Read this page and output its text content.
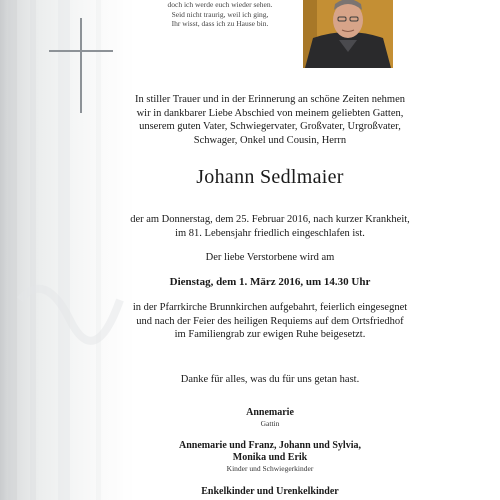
doch ich werde euch wieder sehen.
Seid nicht traurig, weil ich ging,
Ihr wisst, dass ich zu Hause bin.
In stiller Trauer und in der Erinnerung an schöne Zeiten nehmen
wir in dankbarer Liebe Abschied von meinem geliebten Gatten,
unserem guten Vater, Schwiegervater, Großvater, Urgroßvater,
Schwager, Onkel und Cousin, Herrn
Johann Sedlmaier
der am Donnerstag, dem 25. Februar 2016, nach kurzer Krankheit,
im 81. Lebensjahr friedlich eingeschlafen ist.
Der liebe Verstorbene wird am
Dienstag, dem 1. März 2016, um 14.30 Uhr
in der Pfarrkirche Brunnkirchen aufgebahrt, feierlich eingesegnet
und nach der Feier des heiligen Requiems auf dem Ortsfriedhof
im Familiengrab zur ewigen Ruhe beigesetzt.
Danke für alles, was du für uns getan hast.
Annemarie
Gattin
Annemarie und Franz, Johann und Sylvia,
Monika und Erik
Kinder und Schwiegerkinder
Enkelkinder und Urenkelkinder
